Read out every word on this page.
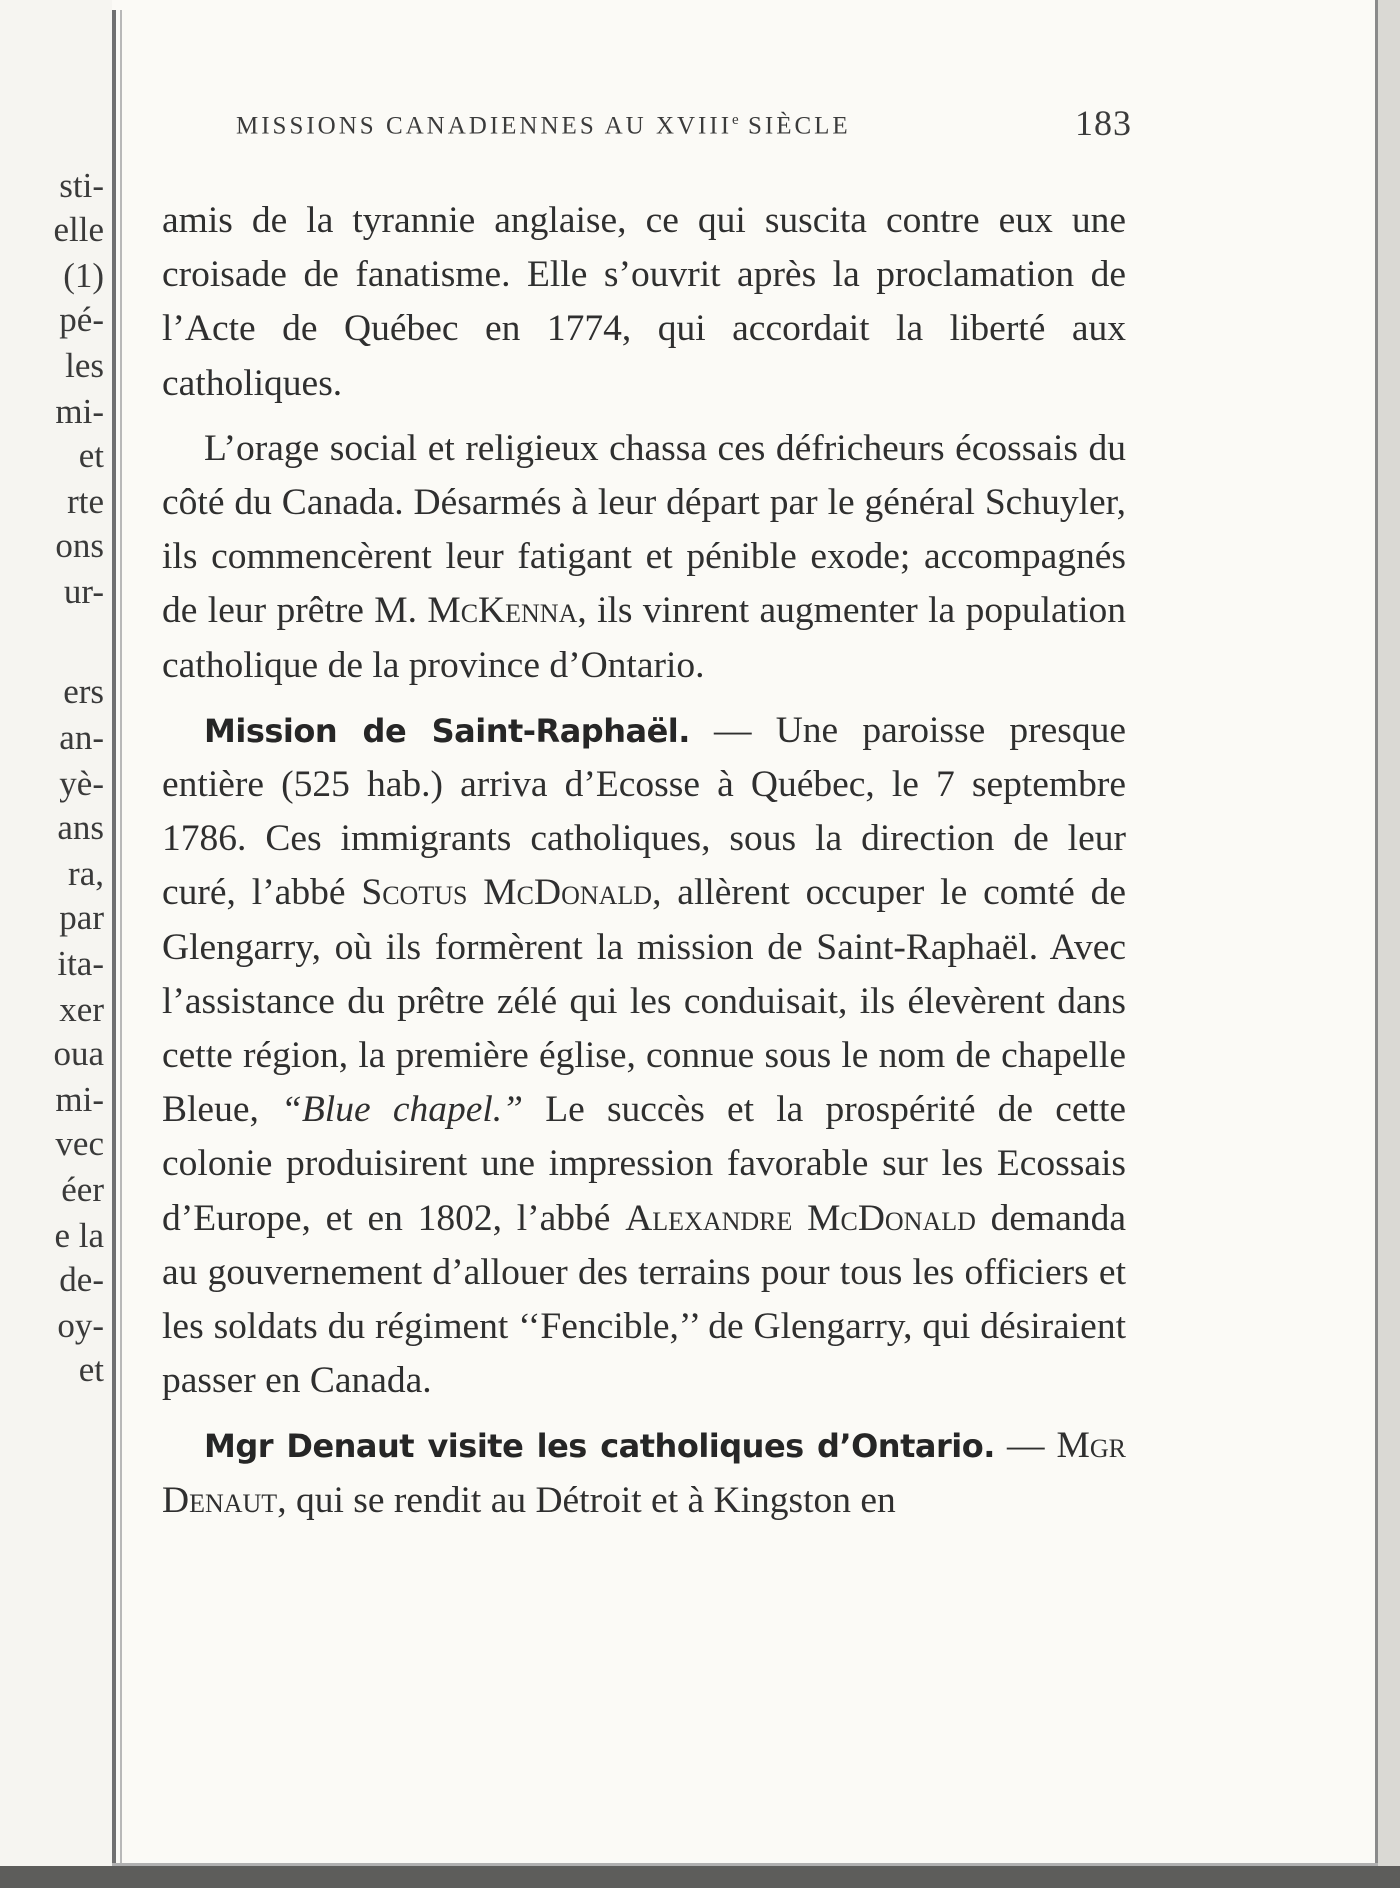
sti-
elle
(1)
pé-
les
mi-
et
rte
ons
ur-
ers
an-
yè-
ans
ra,
par
ita-
xer
oua
mi-
vec
éer
e la
de-
oy-
et
MISSIONS CANADIENNES AU XVIIIe SIÈCLE	183

amis de la tyrannie anglaise, ce qui suscita contre eux une croisade de fanatisme. Elle s’ouvrit après la proclamation de l’Acte de Québec en 1774, qui accordait la liberté aux catholiques.

L’orage social et religieux chassa ces défricheurs écossais du côté du Canada. Désarmés à leur départ par le général Schuyler, ils commencèrent leur fatigant et pénible exode; accompagnés de leur prêtre M. McKenna, ils vinrent augmenter la population catholique de la province d’Ontario.

Mission de Saint-Raphaël. — Une paroisse presque entière (525 hab.) arriva d’Ecosse à Québec, le 7 septembre 1786. Ces immigrants catholiques, sous la direction de leur curé, l’abbé Scotus McDonald, allèrent occuper le comté de Glengarry, où ils formèrent la mission de Saint-Raphaël. Avec l’assistance du prêtre zélé qui les conduisait, ils élevèrent dans cette région, la première église, connue sous le nom de chapelle Bleue, “Blue chapel.” Le succès et la prospérité de cette colonie produisirent une impression favorable sur les Ecossais d’Europe, et en 1802, l’abbé Alexandre McDonald demanda au gouvernement d’allouer des terrains pour tous les officiers et les soldats du régiment ‘‘Fencible,’’ de Glengarry, qui désiraient passer en Canada.

Mgr Denaut visite les catholiques d’Ontario. — Mgr Denaut, qui se rendit au Détroit et à Kingston en
